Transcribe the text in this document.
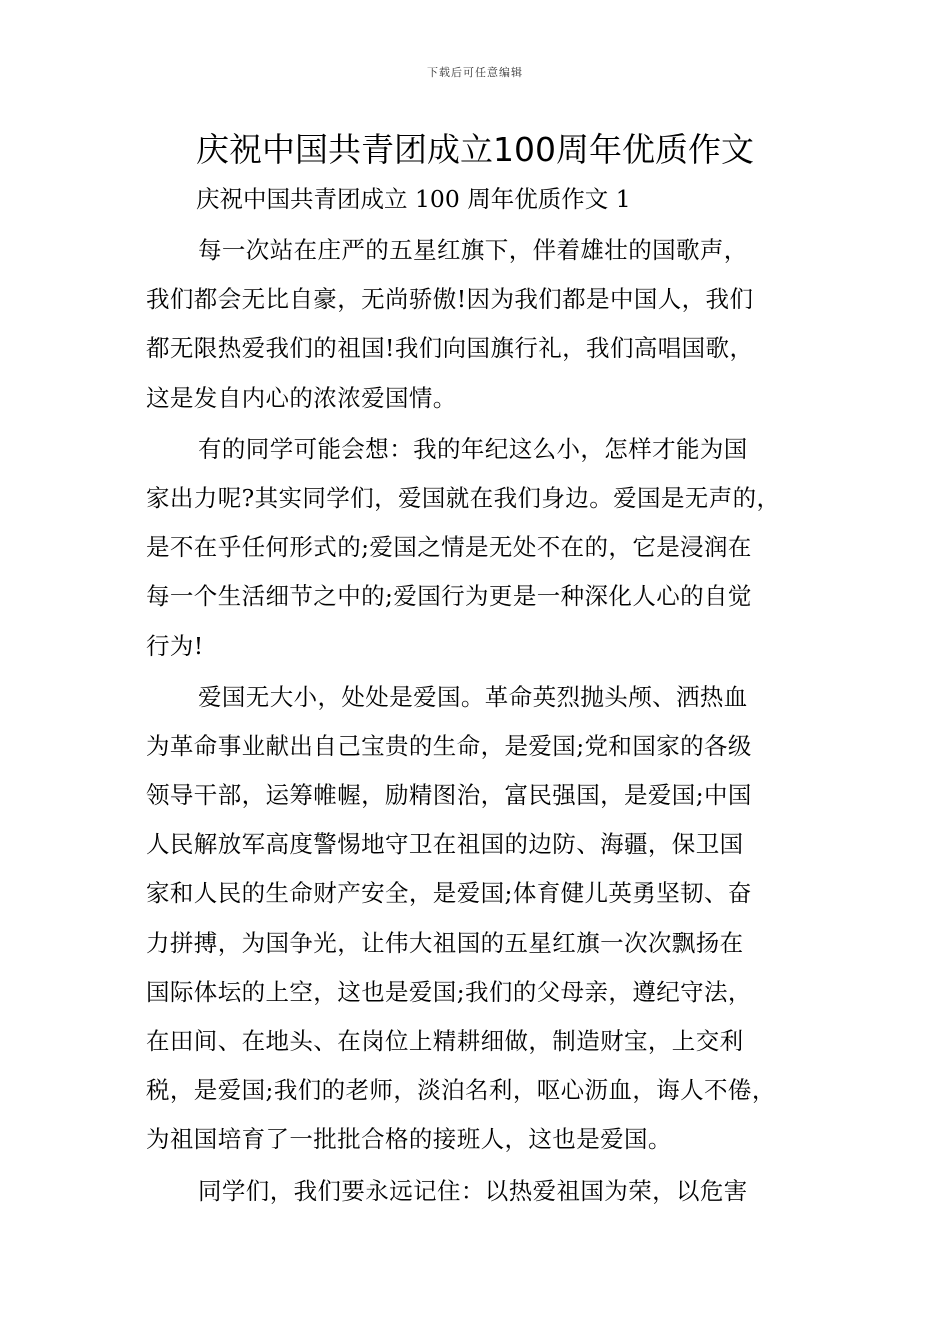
下载后可任意编辑
庆祝中国共青团成立100周年优质作文

庆祝中国共青团成立 100 周年优质作文 1

每一次站在庄严的五星红旗下，伴着雄壮的国歌声，
我们都会无比自豪，无尚骄傲!因为我们都是中国人，我们
都无限热爱我们的祖国!我们向国旗行礼，我们高唱国歌，
这是发自内心的浓浓爱国情。
有的同学可能会想：我的年纪这么小，怎样才能为国
家出力呢?其实同学们，爱国就在我们身边。爱国是无声的，
是不在乎任何形式的;爱国之情是无处不在的，它是浸润在
每一个生活细节之中的;爱国行为更是一种深化人心的自觉
行为!
爱国无大小，处处是爱国。革命英烈抛头颅、洒热血
为革命事业献出自己宝贵的生命，是爱国;党和国家的各级
领导干部，运筹帷幄，励精图治，富民强国，是爱国;中国
人民解放军高度警惕地守卫在祖国的边防、海疆，保卫国
家和人民的生命财产安全，是爱国;体育健儿英勇坚韧、奋
力拼搏，为国争光，让伟大祖国的五星红旗一次次飘扬在
国际体坛的上空，这也是爱国;我们的父母亲，遵纪守法，
在田间、在地头、在岗位上精耕细做，制造财宝，上交利
税，是爱国;我们的老师，淡泊名利，呕心沥血，诲人不倦，
为祖国培育了一批批合格的接班人，这也是爱国。
同学们，我们要永远记住：以热爱祖国为荣，以危害
